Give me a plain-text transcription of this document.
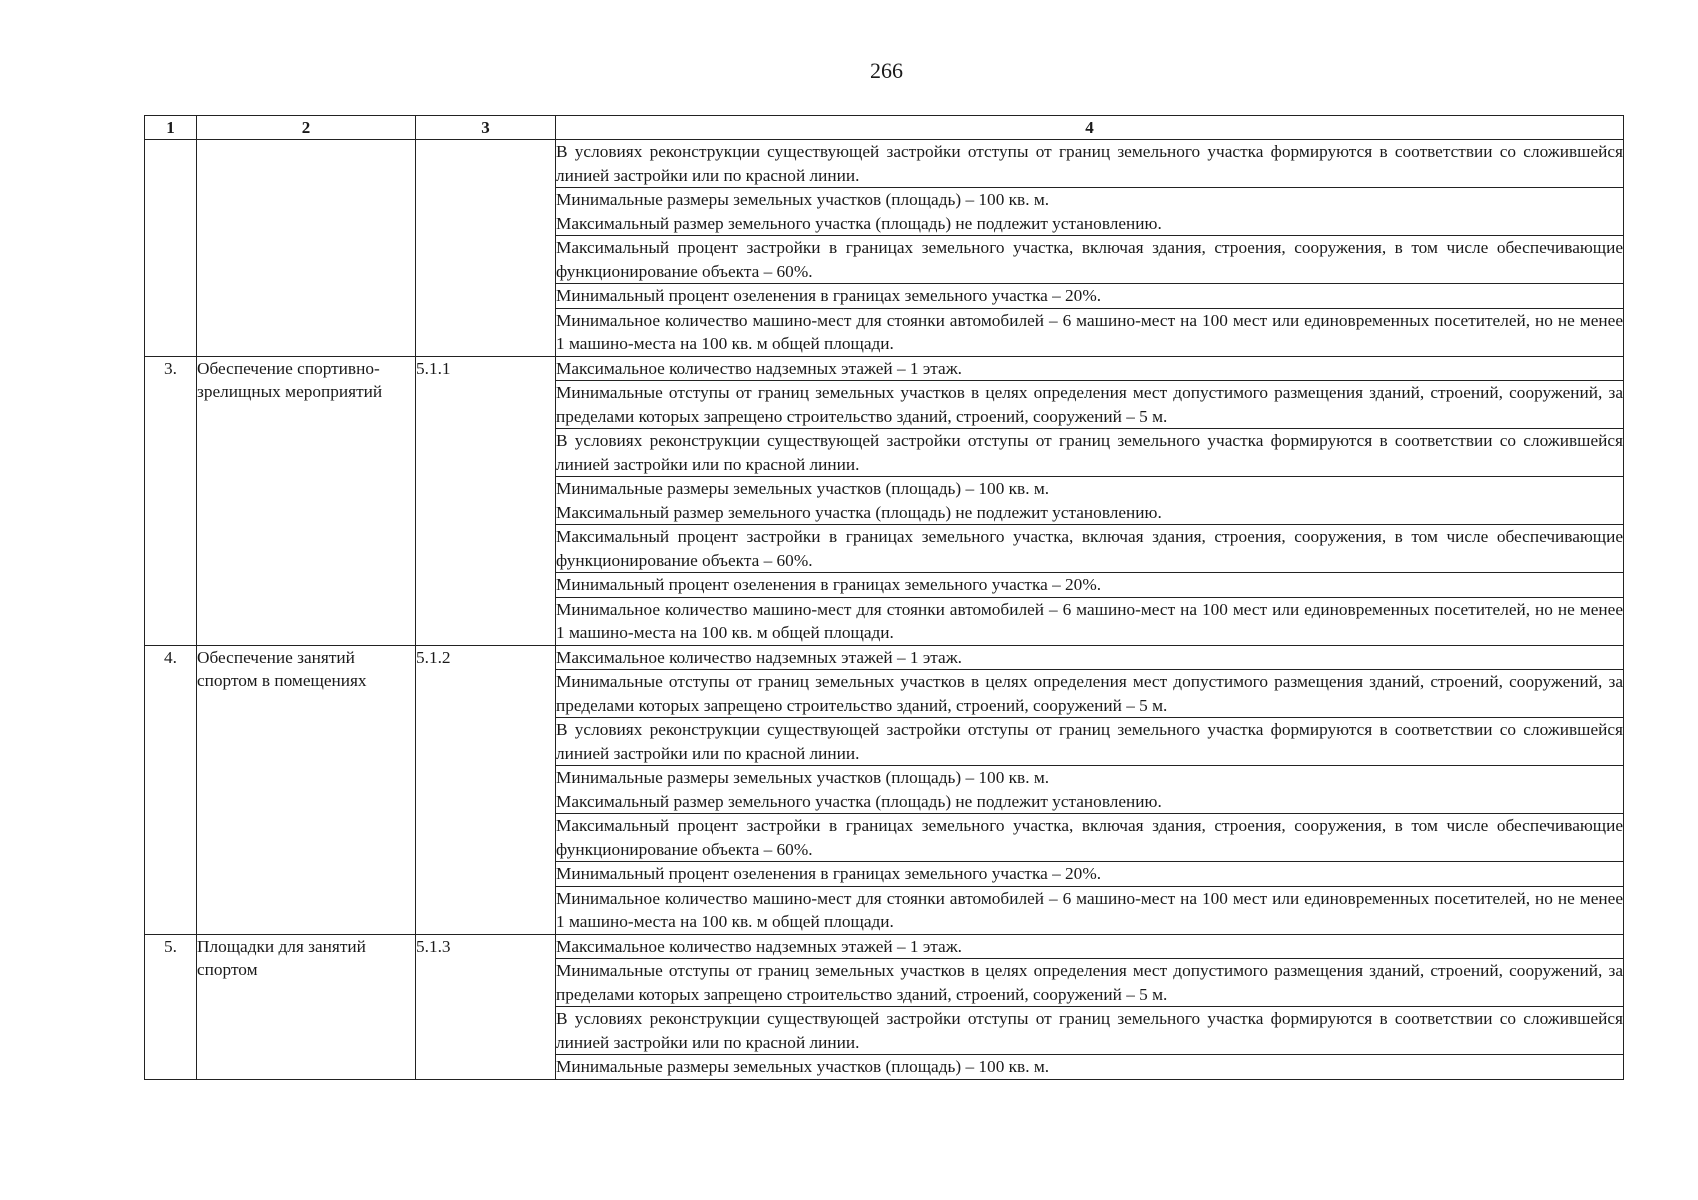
266
1	2	3	4

			В условиях реконструкции существующей застройки отступы от границ земельного участка формируются в соответствии со сложившейся линией застройки или по красной линии.

			Минимальные размеры земельных участков (площадь) – 100 кв. м.
Максимальный размер земельного участка (площадь) не подлежит установлению.

			Максимальный процент застройки в границах земельного участка, включая здания, строения, сооружения, в том числе обеспечивающие функционирование объекта – 60%.

			Минимальный процент озеленения в границах земельного участка – 20%.

			Минимальное количество машино-мест для стоянки автомобилей – 6 машино-мест на 100 мест или единовременных посетителей, но не менее 1 машино-места на 100 кв. м общей площади.

3.	Обеспечение спортивно-зрелищных мероприятий	5.1.1	Максимальное количество надземных этажей – 1 этаж.

			Минимальные отступы от границ земельных участков в целях определения мест допустимого размещения зданий, строений, сооружений, за пределами которых запрещено строительство зданий, строений, сооружений – 5 м.

			В условиях реконструкции существующей застройки отступы от границ земельного участка формируются в соответствии со сложившейся линией застройки или по красной линии.

			Минимальные размеры земельных участков (площадь) – 100 кв. м.
Максимальный размер земельного участка (площадь) не подлежит установлению.

			Максимальный процент застройки в границах земельного участка, включая здания, строения, сооружения, в том числе обеспечивающие функционирование объекта – 60%.

			Минимальный процент озеленения в границах земельного участка – 20%.

			Минимальное количество машино-мест для стоянки автомобилей – 6 машино-мест на 100 мест или единовременных посетителей, но не менее 1 машино-места на 100 кв. м общей площади.

4.	Обеспечение занятий спортом в помещениях	5.1.2	Максимальное количество надземных этажей – 1 этаж.

			Минимальные отступы от границ земельных участков в целях определения мест допустимого размещения зданий, строений, сооружений, за пределами которых запрещено строительство зданий, строений, сооружений – 5 м.

			В условиях реконструкции существующей застройки отступы от границ земельного участка формируются в соответствии со сложившейся линией застройки или по красной линии.

			Минимальные размеры земельных участков (площадь) – 100 кв. м.
Максимальный размер земельного участка (площадь) не подлежит установлению.

			Максимальный процент застройки в границах земельного участка, включая здания, строения, сооружения, в том числе обеспечивающие функционирование объекта – 60%.

			Минимальный процент озеленения в границах земельного участка – 20%.

			Минимальное количество машино-мест для стоянки автомобилей – 6 машино-мест на 100 мест или единовременных посетителей, но не менее 1 машино-места на 100 кв. м общей площади.

5.	Площадки для занятий спортом	5.1.3	Максимальное количество надземных этажей – 1 этаж.

			Минимальные отступы от границ земельных участков в целях определения мест допустимого размещения зданий, строений, сооружений, за пределами которых запрещено строительство зданий, строений, сооружений – 5 м.

			В условиях реконструкции существующей застройки отступы от границ земельного участка формируются в соответствии со сложившейся линией застройки или по красной линии.

			Минимальные размеры земельных участков (площадь) – 100 кв. м.
